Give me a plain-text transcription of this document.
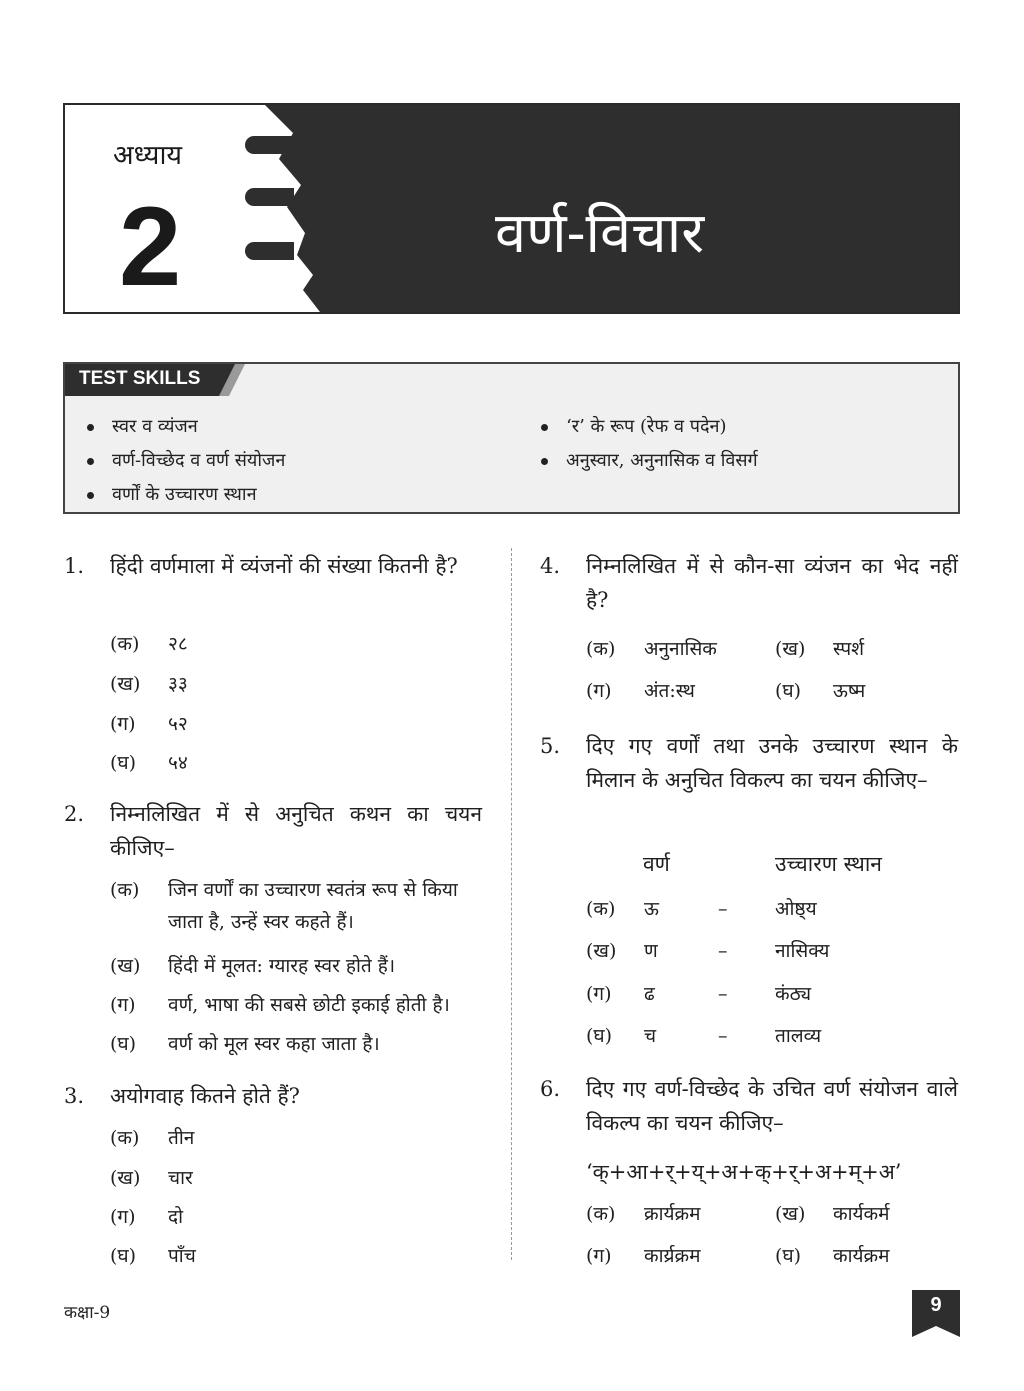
अध्याय
2	वर्ण-विचार
TEST SKILLS
स्वर व व्यंजन
वर्ण-विच्छेद व वर्ण संयोजन
वर्णों के उच्चारण स्थान
‘र’ के रूप (रेफ व पदेन)
अनुस्वार, अनुनासिक व विसर्ग
1. हिंदी वर्णमाला में व्यंजनों की संख्या कितनी है?
(क) २८
(ख) ३३
(ग) ५२
(घ) ५४
2. निम्नलिखित में से अनुचित कथन का चयन कीजिए–
(क) जिन वर्णों का उच्चारण स्वतंत्र रूप से किया जाता है, उन्हें स्वर कहते हैं।
(ख) हिंदी में मूलत: ग्यारह स्वर होते हैं।
(ग) वर्ण, भाषा की सबसे छोटी इकाई होती है।
(घ) वर्ण को मूल स्वर कहा जाता है।
3. अयोगवाह कितने होते हैं?
(क) तीन
(ख) चार
(ग) दो
(घ) पाँच
4. निम्नलिखित में से कौन-सा व्यंजन का भेद नहीं है?
(क) अनुनासिक	(ख) स्पर्श
(ग) अंत:स्थ	(घ) ऊष्म
5. दिए गए वर्णों तथा उनके उच्चारण स्थान के मिलान के अनुचित विकल्प का चयन कीजिए–
वर्ण	उच्चारण स्थान
(क) ऊ	–	ओष्ठ्य
(ख) ण	–	नासिक्य
(ग) ढ	–	कंठ्य
(घ) च	–	तालव्य
6. दिए गए वर्ण-विच्छेद के उचित वर्ण संयोजन वाले विकल्प का चयन कीजिए–
‘क्+आ+र्+य्+अ+क्+र्+अ+म्+अ’
(क) क्रार्यक्रम	(ख) कार्यकर्म
(ग) कार्य्रक्रम	(घ) कार्यक्रम
कक्षा-9	9
